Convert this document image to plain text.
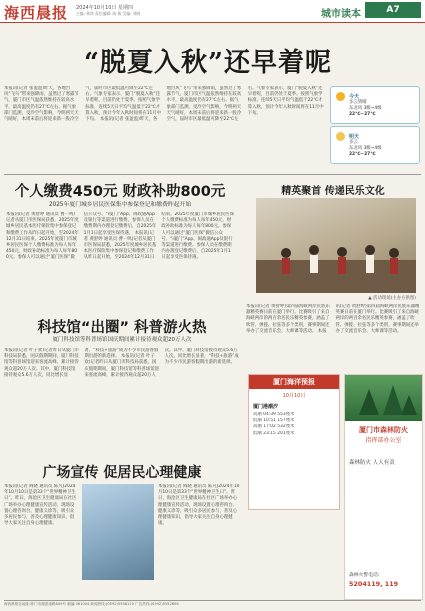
海西晨报 2024年10月10日 星期四
主编: 林鸿 责任编辑: 陈 敏 美编: 刘晓	城市读本	A7
“脱夏入秋”还早着呢
本报讯(记者 张盈盈)昨天，各地台风“飞鸟”带来强降雨，虽然过了寒露节气，厦门市区气温依然维持在较高水平，最高温度仍有27℃左右。据气象部门监测，受冷空气影响，今明两天天气晴好，本周末前后将迎来新一股冷空气，届时市区最低温可降至22℃左右。气象专家表示，厦门“脱夏入秋”还早着呢，目前仍处于夏季。按照气象学标准，连续5天日平均气温低于22℃才算入秋，预计今年入秋时间将在11月中下旬。 本报讯(记者 张盈盈)昨天，各地台风“飞鸟”带来强降雨，虽然过了寒露节气，厦门市区气温依然维持在较高水平，最高温度仍有27℃左右。据气象部门监测，受冷空气影响，今明两天天气晴好，本周末前后将迎来新一股冷空气，届时市区最低温可降至22℃左右。气象专家表示，厦门“脱夏入秋”还早着呢，目前仍处于夏季。按照气象学标准，连续5天日平均气温低于22℃才算入秋，预计今年入秋时间将在11月中下旬。
今天
多云到晴
东北风 3级~4级
22℃~27℃
明天
多云
东北风 3级~4级
22℃~27℃
个人缴费450元 财政补助800元
2025年厦门城乡居民医保集中参保登记和缴费昨起开始
本报讯(记者 黄舒婷 通讯员 曹一鸣)记者从厦门市医保局获悉，2025年度城乡居民基本医疗保险集中参保登记和缴费工作从昨日起开始，至2024年12月31日结束。2025年度厦门市城乡居民医保个人缴费标准为每人每年450元，财政补助标准为每人每年800元。参保人可以通过“厦门医保”微信公众号、“i厦门”App、闽政通App及银行等渠道进行缴费。参保人员在缴费期内办理登记缴费后，自2025年1月1日起享受医保待遇。 本报讯(记者 黄舒婷 通讯员 曹一鸣)记者从厦门市医保局获悉，2025年度城乡居民基本医疗保险集中参保登记和缴费工作从昨日起开始，至2024年12月31日结束。2025年度厦门市城乡居民医保个人缴费标准为每人每年450元，财政补助标准为每人每年800元。参保人可以通过“厦门医保”微信公众号、“i厦门”App、闽政通App及银行等渠道进行缴费。参保人员在缴费期内办理登记缴费后，自2025年1月1日起享受医保待遇。
精英聚首 传递民乐文化
▲ 活动现场(主办方供图)
本报讯(记者 黄舒婷)第四届海峡两岸民族乐器精英赛日前在厦门举行。比赛吸引了来自海峡两岸的两百余名民乐精英参赛，涵盖了吹管、弹拨、拉弦等多个类别，赛事期间还举办了交流音乐会、大师课等活动。 本报讯(记者 黄舒婷)第四届海峡两岸民族乐器精英赛日前在厦门举行。比赛吸引了来自海峡两岸的两百余名民乐精英参赛，涵盖了吹管、弹拨、拉弦等多个类别，赛事期间还举办了交流音乐会、大师课等活动。
科技馆“出圈” 科普游火热
厦门科技馆等科普场馆国庆期间累计接待观众超20万人次
本报讯(记者 叶子欢)记者昨日从厦门市科技局获悉，国庆假期期间，厦门科技馆等科普场馆迎来客流高峰，累计接待观众超20万人次。其中，厦门科技馆接待观众5.6万人次，同比增长显著，“科技+旅游”成为不少市民游客假期出游的新选择。 本报讯(记者 叶子欢)记者昨日从厦门市科技局获悉，国庆假期期间，厦门科技馆等科普场馆迎来客流高峰，累计接待观众超20万人次。其中，厦门科技馆接待观众5.6万人次，同比增长显著，“科技+旅游”成为不少市民游客假期出游的新选择。
厦门海洋预报
10月10日
厦门港潮汐
高潮 04:39 553厘米
低潮 10:51 157厘米
高潮 17:02 532厘米
低潮 23:15 201厘米
广场宣传 促居民心理健康
本报讯(记者 阎晓 通讯员 陈凡)2024年10月10日是第33个“世界精神卫生日”。昨日，海沧区卫生健康局在社区广场举办心理健康宣传活动，现场设置心理咨询台、健康义诊等，吸引众多居民参与，普及心理健康知识，倡导大家关注自身心理健康。
本报讯(记者 阎晓 通讯员 陈凡)2024年10月10日是第33个“世界精神卫生日”。昨日，海沧区卫生健康局在社区广场举办心理健康宣传活动，现场设置心理咨询台、健康义诊等，吸引众多居民参与，普及心理健康知识，倡导大家关注自身心理健康。
厦门市森林防火
指挥部办公室
森林防火 人人有责
森林火警电话:
5204119, 119
海西晨报社地址:厦门市湖滨南路809号 邮编:361004 新闻热线:(0592)5558110 广告热线:(0592)5552606
